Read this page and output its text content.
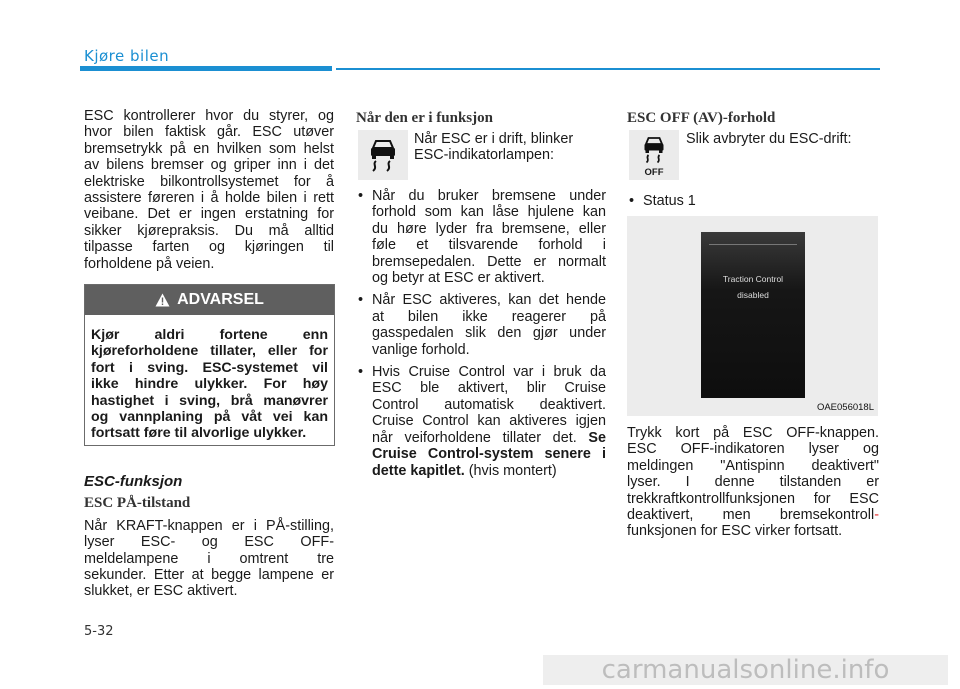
Kjøre bilen

ESC kontrollerer hvor du styrer, og
hvor bilen faktisk går. ESC utøver
bremsetrykk på en hvilken som helst
av bilens bremser og griper inn i det
elektriske bilkontrollsystemet for å
assistere føreren i å holde bilen i rett
veibane. Det er ingen erstatning for
sikker kjørepraksis. Du må alltid
tilpasse farten og kjøringen til
forholdene på veien.

ADVARSEL
Kjør aldri fortene enn
kjøreforholdene tillater, eller for
fort i sving. ESC-systemet vil
ikke hindre ulykker. For høy
hastighet i sving, brå manøvrer
og vannplaning på våt vei kan
fortsatt føre til alvorlige ulykker.

ESC-funksjon

ESC PÅ-tilstand

Når KRAFT-knappen er i PÅ-stilling,
lyser ESC- og ESC OFF-
meldelampene i omtrent tre
sekunder. Etter at begge lampene er
slukket, er ESC aktivert.

Når den er i funksjon

Når ESC er i drift, blinker
ESC-indikatorlampen:
• Når du bruker bremsene under
forhold som kan låse hjulene kan
du høre lyder fra bremsene, eller
føle et tilsvarende forhold i
bremsepedalen. Dette er normalt
og betyr at ESC er aktivert.
• Når ESC aktiveres, kan det hende
at bilen ikke reagerer på
gasspedalen slik den gjør under
vanlige forhold.
• Hvis Cruise Control var i bruk da
ESC ble aktivert, blir Cruise
Control automatisk deaktivert.
Cruise Control kan aktiveres igjen
når veiforholdene tillater det. Se
Cruise Control-system senere i
dette kapitlet. (hvis montert)

ESC OFF (AV)-forhold

OFF
Slik avbryter du ESC-drift:
• Status 1
Traction Control
disabled
OAE056018L
Trykk kort på ESC OFF-knappen.
ESC OFF-indikatoren lyser og
meldingen "Antispinn deaktivert"
lyser. I denne tilstanden er
trekkraftkontrollfunksjonen for ESC
deaktivert, men bremsekontroll-
funksjonen for ESC virker fortsatt.
5-32
carmanualsonline.info
